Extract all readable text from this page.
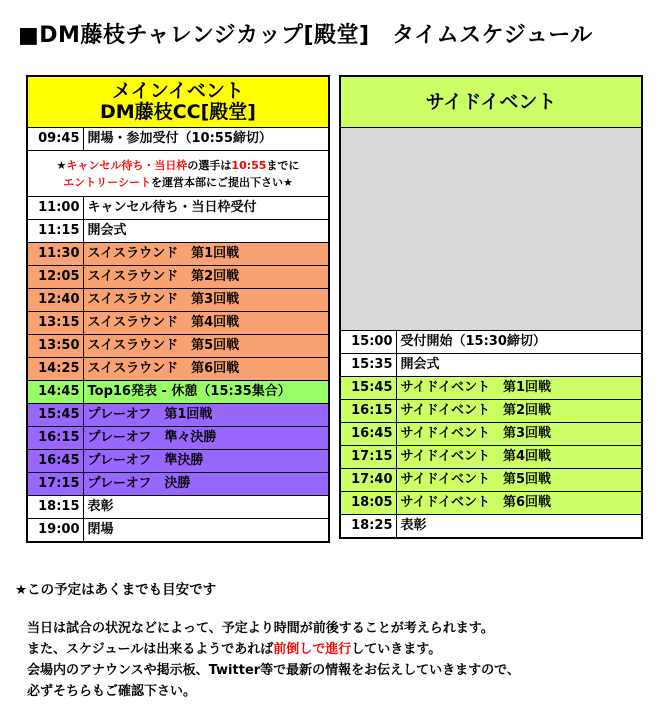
■DM藤枝チャレンジカップ[殿堂]　タイムスケジュール
メインイベント
DM藤枝CC[殿堂]	

09:45	開場・参加受付（10:55締切）

★キャンセル待ち・当日枠の選手は10:55までに
エントリーシートを運営本部にご提出下さい★	

11:00	キャンセル待ち・当日枠受付
11:15	開会式
11:30	スイスラウンド　第1回戦
12:05	スイスラウンド　第2回戦
12:40	スイスラウンド　第3回戦
13:15	スイスラウンド　第4回戦
13:50	スイスラウンド　第5回戦
14:25	スイスラウンド　第6回戦
14:45	Top16発表 - 休憩（15:35集合）
15:45	プレーオフ　第1回戦
16:15	プレーオフ　準々決勝
16:45	プレーオフ　準決勝
17:15	プレーオフ　決勝
18:15	表彰
19:00	閉場
サイドイベント	

15:00	受付開始（15:30締切）
15:35	開会式
15:45	サイドイベント　第1回戦
16:15	サイドイベント　第2回戦
16:45	サイドイベント　第3回戦
17:15	サイドイベント　第4回戦
17:40	サイドイベント　第5回戦
18:05	サイドイベント　第6回戦
18:25	表彰
★この予定はあくまでも目安です
当日は試合の状況などによって、予定より時間が前後することが考えられます。
また、スケジュールは出来るようであれば前倒しで進行していきます。
会場内のアナウンスや掲示板、Twitter等で最新の情報をお伝えしていきますので、
必ずそちらもご確認下さい。
